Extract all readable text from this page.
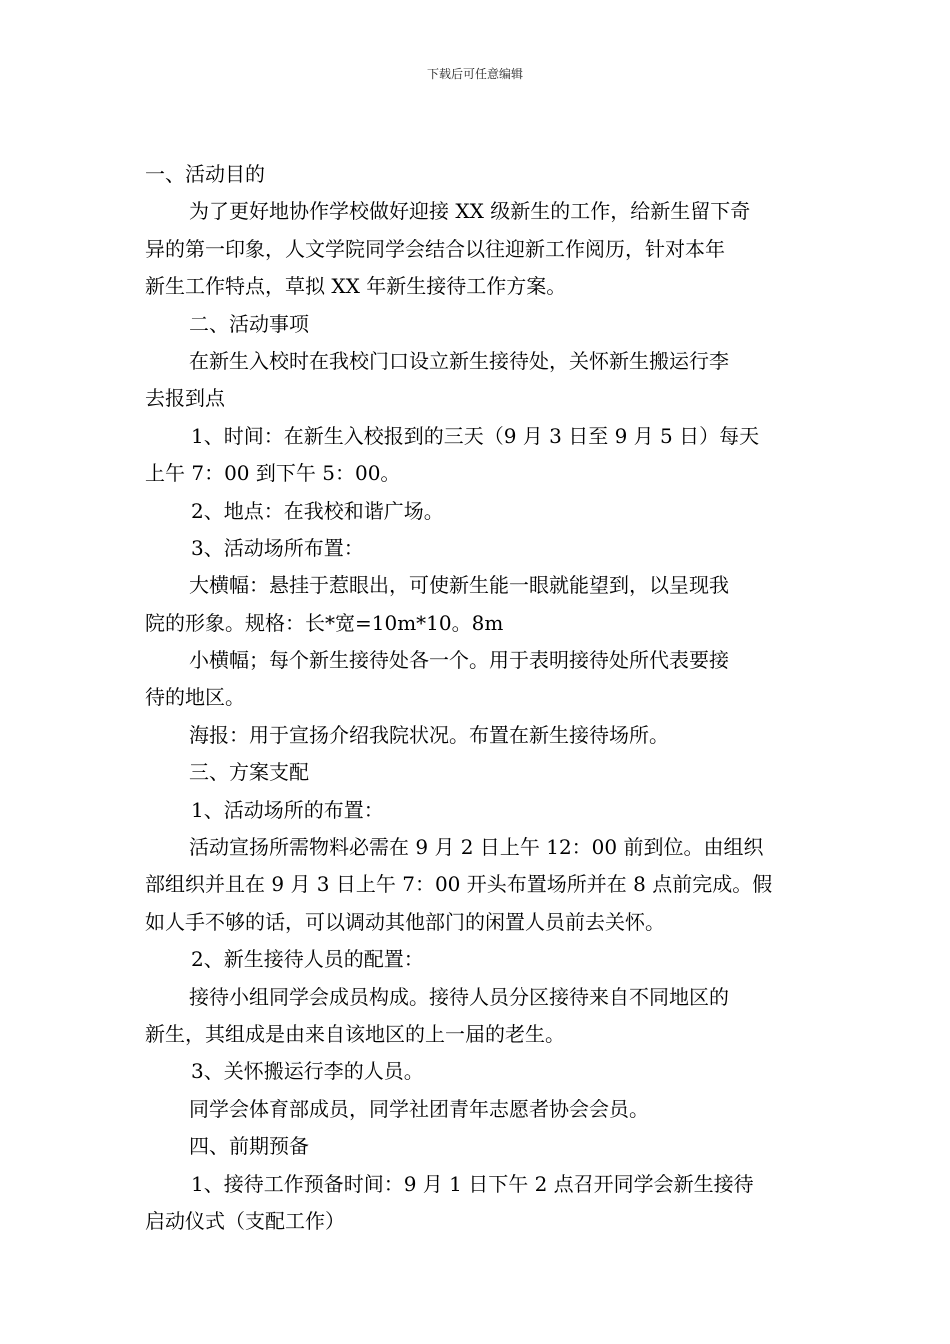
下载后可任意编辑
一、活动目的
为了更好地协作学校做好迎接 XX 级新生的工作，给新生留下奇
异的第一印象，人文学院同学会结合以往迎新工作阅历，针对本年
新生工作特点，草拟 XX 年新生接待工作方案。
二、活动事项
在新生入校时在我校门口设立新生接待处，关怀新生搬运行李
去报到点
1、时间：在新生入校报到的三天（9 月 3 日至 9 月 5 日）每天
上午 7：00 到下午 5：00。
2、地点：在我校和谐广场。
3、活动场所布置：
大横幅：悬挂于惹眼出，可使新生能一眼就能望到，以呈现我
院的形象。规格：长*宽=10m*10。8m
小横幅；每个新生接待处各一个。用于表明接待处所代表要接
待的地区。
海报：用于宣扬介绍我院状况。布置在新生接待场所。
三、方案支配
1、活动场所的布置：
活动宣扬所需物料必需在 9 月 2 日上午 12：00 前到位。由组织
部组织并且在 9 月 3 日上午 7：00 开头布置场所并在 8 点前完成。假
如人手不够的话，可以调动其他部门的闲置人员前去关怀。
2、新生接待人员的配置：
接待小组同学会成员构成。接待人员分区接待来自不同地区的
新生，其组成是由来自该地区的上一届的老生。
3、关怀搬运行李的人员。
同学会体育部成员，同学社团青年志愿者协会会员。
四、前期预备
1、接待工作预备时间：9 月 1 日下午 2 点召开同学会新生接待
启动仪式（支配工作）
